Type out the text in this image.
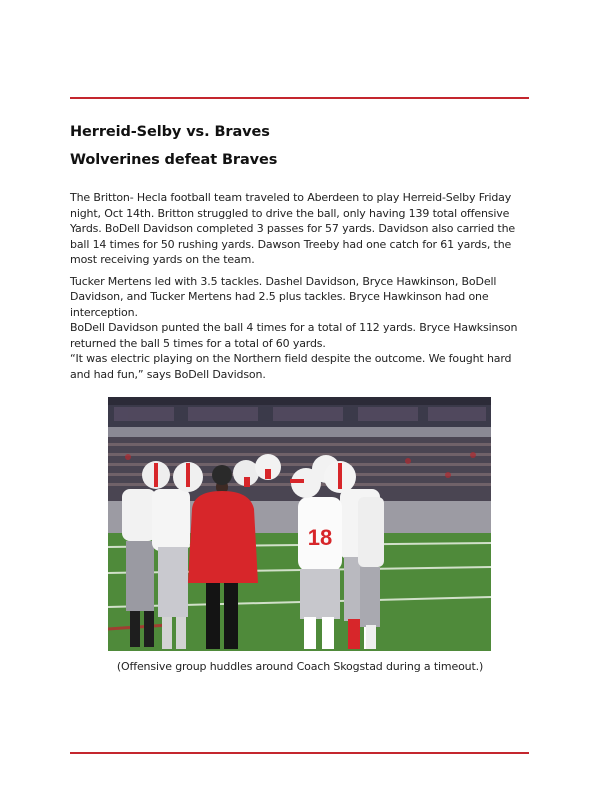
Herreid-Selby vs. Braves
Wolverines defeat Braves

The Britton- Hecla football team traveled to Aberdeen to play Herreid-Selby Friday night, Oct 14th. Britton struggled to drive the ball, only having 139 total offensive Yards. BoDell Davidson completed 3 passes for 57 yards. Davidson also carried the ball 14 times for 50 rushing yards. Dawson Treeby had one catch for 61 yards, the most receiving yards on the team.

Tucker Mertens led with 3.5 tackles. Dashel Davidson, Bryce Hawkinson, BoDell Davidson, and Tucker Mertens had 2.5 plus tackles. Bryce Hawkinson had one interception.

BoDell Davidson punted the ball 4 times for a total of 112 yards. Bryce Hawksinson returned the ball 5 times for a total of 60 yards.

“It was electric playing on the Northern field despite the outcome. We fought hard and had fun,” says BoDell Davidson.

18
(Offensive group huddles around Coach Skogstad during a timeout.)
